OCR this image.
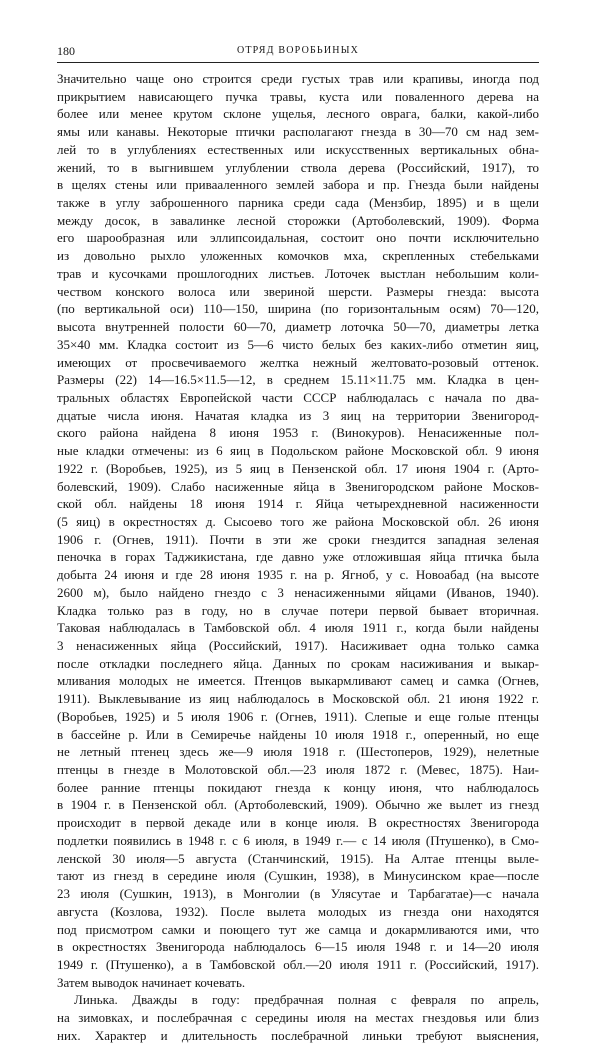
180	ОТРЯД ВОРОБЬИНЫХ
Значительно чаще оно строится среди густых трав или крапивы, иногда под
прикрытием нависающего пучка травы, куста или поваленного дерева на
более или менее крутом склоне ущелья, лесного оврага, балки, какой-либо
ямы или канавы. Некоторые птички располагают гнезда в 30—70 см над зем-
лей то в углублениях естественных или искусственных вертикальных обна-
жений, то в выгнившем углублении ствола дерева (Российский, 1917), то
в щелях стены или привааленного землей забора и пр. Гнезда были найдены
также в углу заброшенного парника среди сада (Мензбир, 1895) и в щели
между досок, в завалинке лесной сторожки (Артоболевский, 1909). Форма
его шарообразная или эллипсоидальная, состоит оно почти исключительно
из довольно рыхло уложенных комочков мха, скрепленных стебельками
трав и кусочками прошлогодних листьев. Лоточек выстлан небольшим коли-
чеством конского волоса или звериной шерсти. Размеры гнезда: высота
(по вертикальной оси) 110—150, ширина (по горизонтальным осям) 70—120,
высота внутренней полости 60—70, диаметр лоточка 50—70, диаметры летка
35×40 мм. Кладка состоит из 5—6 чисто белых без каких-либо отметин яиц,
имеющих от просвечиваемого желтка нежный желтовато-розовый оттенок.
Размеры (22) 14—16.5×11.5—12, в среднем 15.11×11.75 мм. Кладка в цен-
тральных областях Европейской части СССР наблюдалась с начала по два-
дцатые числа июня. Начатая кладка из 3 яиц на территории Звенигород-
ского района найдена 8 июня 1953 г. (Винокуров). Ненасиженные пол-
ные кладки отмечены: из 6 яиц в Подольском районе Московской обл. 9 июня
1922 г. (Воробьев, 1925), из 5 яиц в Пензенской обл. 17 июня 1904 г. (Арто-
болевский, 1909). Слабо насиженные яйца в Звенигородском районе Москов-
ской обл. найдены 18 июня 1914 г. Яйца четырехдневной насиженности
(5 яиц) в окрестностях д. Сысоево того же района Московской обл. 26 июня
1906 г. (Огнев, 1911). Почти в эти же сроки гнездится западная зеленая
пеночка в горах Таджикистана, где давно уже отложившая яйца птичка была
добыта 24 июня и где 28 июня 1935 г. на р. Ягноб, у с. Новоабад (на высоте
2600 м), было найдено гнездо с 3 ненасиженными яйцами (Иванов, 1940).
Кладка только раз в году, но в случае потери первой бывает вторичная.
Таковая наблюдалась в Тамбовской обл. 4 июля 1911 г., когда были найдены
3 ненасиженных яйца (Российский, 1917). Насиживает одна только самка
после откладки последнего яйца. Данных по срокам насиживания и выкар-
мливания молодых не имеется. Птенцов выкармливают самец и самка (Огнев,
1911). Выклевывание из яиц наблюдалось в Московской обл. 21 июня 1922 г.
(Воробьев, 1925) и 5 июля 1906 г. (Огнев, 1911). Слепые и еще голые птенцы
в бассейне р. Или в Семиречье найдены 10 июля 1918 г., оперенный, но еще
не летный птенец здесь же—9 июля 1918 г. (Шестоперов, 1929), нелетные
птенцы в гнезде в Молотовской обл.—23 июля 1872 г. (Мевес, 1875). Наи-
более ранние птенцы покидают гнезда к концу июня, что наблюдалось
в 1904 г. в Пензенской обл. (Артоболевский, 1909). Обычно же вылет из гнезд
происходит в первой декаде или в конце июля. В окрестностях Звенигорода
подлетки появились в 1948 г. с 6 июля, в 1949 г.— с 14 июля (Птушенко), в Смо-
ленской 30 июля—5 августа (Станчинский, 1915). На Алтае птенцы выле-
тают из гнезд в середине июля (Сушкин, 1938), в Минусинском крае—после
23 июля (Сушкин, 1913), в Монголии (в Улясутае и Тарбагатае)—с начала
августа (Козлова, 1932). После вылета молодых из гнезда они находятся
под присмотром самки и поющего тут же самца и докармливаются ими, что
в окрестностях Звенигорода наблюдалось 6—15 июля 1948 г. и 14—20 июля
1949 г. (Птушенко), а в Тамбовской обл.—20 июля 1911 г. (Российский, 1917).
Затем выводок начинает кочевать.
Линька. Дважды в году: предбрачная полная с февраля по апрель,
на зимовках, и послебрачная с середины июля на местах гнездовья или близ
них. Характер и длительность послебрачной линьки требуют выяснения,
